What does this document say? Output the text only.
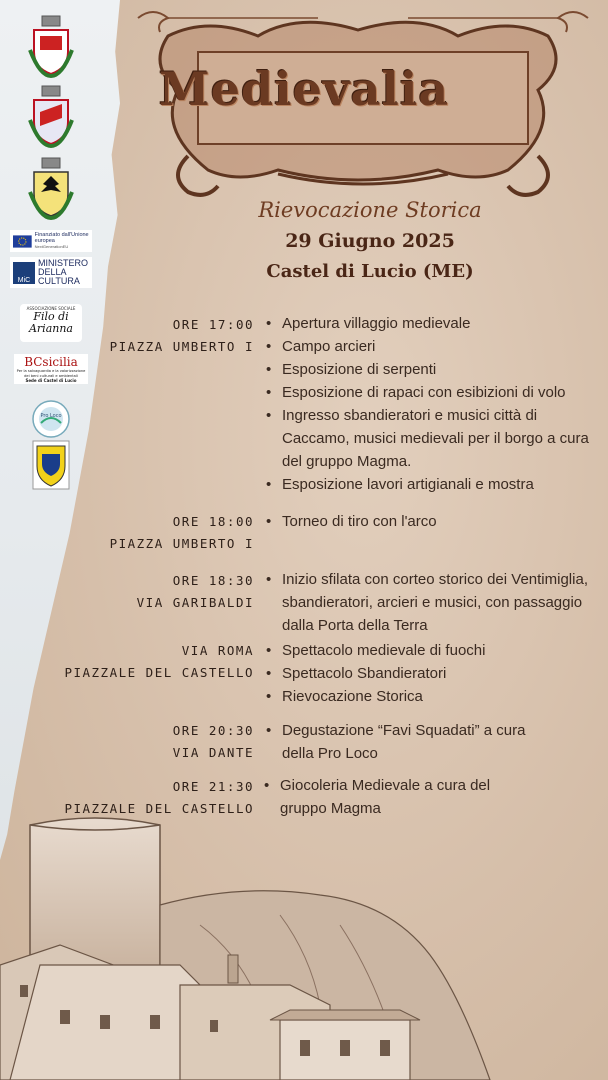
Finanziato dall'Unione europea
NextGenerationEU
MiC
MINISTERO DELLA CULTURA
ASSOCIAZIONE SOCIALE
Filo di Arianna
BCsicilia
Per la salvaguardia e la valorizzazione dei beni culturali e ambientali
Sede di Castel di Lucio
Pro Loco
Medievalia
Rievocazione Storica
29 Giugno 2025
Castel di Lucio (ME)
ORE 17:00
PIAZZA UMBERTO I
• Apertura villaggio medievale
• Campo arcieri
• Esposizione di serpenti
• Esposizione di rapaci con esibizioni di volo
• Ingresso sbandieratori e musici città di Caccamo, musici medievali per il borgo a cura del gruppo Magma.
• Esposizione lavori artigianali e mostra
ORE 18:00
PIAZZA UMBERTO I
• Torneo di tiro con l'arco
ORE 18:30
VIA GARIBALDI
• Inizio sfilata con corteo storico dei Ventimiglia, sbandieratori, arcieri e musici, con passaggio dalla Porta della Terra
VIA ROMA
PIAZZALE DEL CASTELLO
• Spettacolo medievale di fuochi
• Spettacolo Sbandieratori
• Rievocazione Storica
ORE 20:30
VIA DANTE
• Degustazione “Favi Squadati” a cura della Pro Loco
ORE 21:30
PIAZZALE DEL CASTELLO
• Giocoleria Medievale a cura del gruppo Magma
